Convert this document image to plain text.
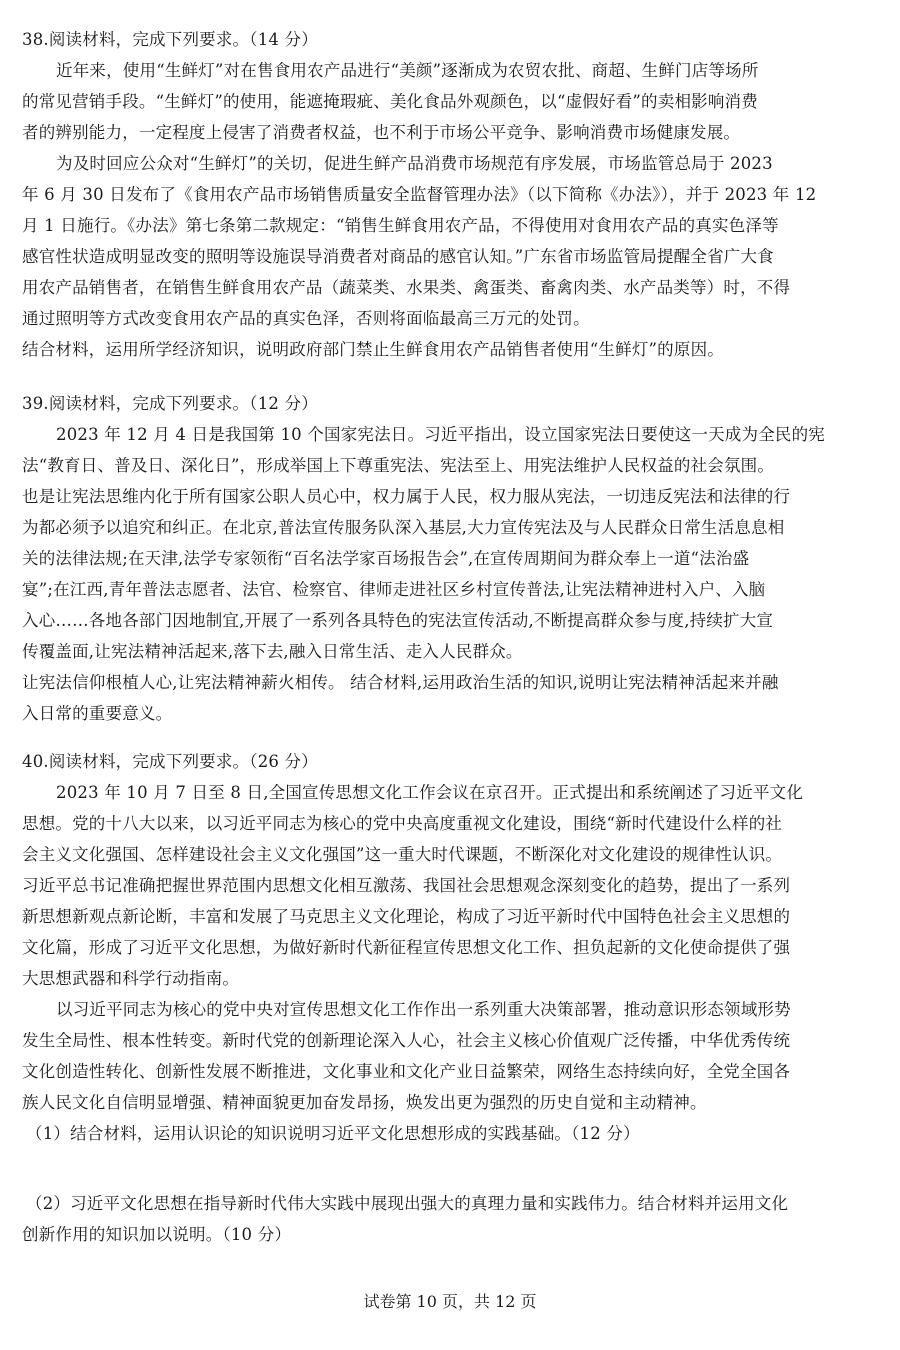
38.阅读材料，完成下列要求。（14 分）
近年来，使用“生鲜灯”对在售食用农产品进行“美颜”逐渐成为农贸农批、商超、生鲜门店等场所
的常见营销手段。“生鲜灯”的使用，能遮掩瑕疵、美化食品外观颜色，以“虚假好看”的卖相影响消费
者的辨别能力，一定程度上侵害了消费者权益，也不利于市场公平竞争、影响消费市场健康发展。
为及时回应公众对“生鲜灯”的关切，促进生鲜产品消费市场规范有序发展，市场监管总局于 2023
年 6 月 30 日发布了《食用农产品市场销售质量安全监督管理办法》（以下简称《办法》），并于 2023 年 12
月 1 日施行。《办法》第七条第二款规定：“销售生鲜食用农产品，不得使用对食用农产品的真实色泽等
感官性状造成明显改变的照明等设施误导消费者对商品的感官认知。”广东省市场监管局提醒全省广大食
用农产品销售者，在销售生鲜食用农产品（蔬菜类、水果类、禽蛋类、畜禽肉类、水产品类等）时，不得
通过照明等方式改变食用农产品的真实色泽，否则将面临最高三万元的处罚。
结合材料，运用所学经济知识，说明政府部门禁止生鲜食用农产品销售者使用“生鲜灯”的原因。
39.阅读材料，完成下列要求。（12 分）
2023 年 12 月 4 日是我国第 10 个国家宪法日。习近平指出，设立国家宪法日要使这一天成为全民的宪
法“教育日、普及日、深化日”，形成举国上下尊重宪法、宪法至上、用宪法维护人民权益的社会氛围。
也是让宪法思维内化于所有国家公职人员心中，权力属于人民，权力服从宪法，一切违反宪法和法律的行
为都必须予以追究和纠正。在北京,普法宣传服务队深入基层,大力宣传宪法及与人民群众日常生活息息相
关的法律法规;在天津,法学专家领衔“百名法学家百场报告会”,在宣传周期间为群众奉上一道“法治盛
宴”;在江西,青年普法志愿者、法官、检察官、律师走进社区乡村宣传普法,让宪法精神进村入户、入脑
入心……各地各部门因地制宜,开展了一系列各具特色的宪法宣传活动,不断提高群众参与度,持续扩大宣
传覆盖面,让宪法精神活起来,落下去,融入日常生活、走入人民群众。
让宪法信仰根植人心,让宪法精神薪火相传。 结合材料,运用政治生活的知识,说明让宪法精神活起来并融
入日常的重要意义。
40.阅读材料，完成下列要求。（26 分）
2023 年 10 月 7 日至 8 日,全国宣传思想文化工作会议在京召开。正式提出和系统阐述了习近平文化
思想。党的十八大以来，以习近平同志为核心的党中央高度重视文化建设，围绕“新时代建设什么样的社
会主义文化强国、怎样建设社会主义文化强国”这一重大时代课题，不断深化对文化建设的规律性认识。
习近平总书记准确把握世界范围内思想文化相互激荡、我国社会思想观念深刻变化的趋势，提出了一系列
新思想新观点新论断，丰富和发展了马克思主义文化理论，构成了习近平新时代中国特色社会主义思想的
文化篇，形成了习近平文化思想，为做好新时代新征程宣传思想文化工作、担负起新的文化使命提供了强
大思想武器和科学行动指南。
以习近平同志为核心的党中央对宣传思想文化工作作出一系列重大决策部署，推动意识形态领域形势
发生全局性、根本性转变。新时代党的创新理论深入人心，社会主义核心价值观广泛传播，中华优秀传统
文化创造性转化、创新性发展不断推进，文化事业和文化产业日益繁荣，网络生态持续向好，全党全国各
族人民文化自信明显增强、精神面貌更加奋发昂扬，焕发出更为强烈的历史自觉和主动精神。
（1）结合材料，运用认识论的知识说明习近平文化思想形成的实践基础。（12 分）
（2）习近平文化思想在指导新时代伟大实践中展现出强大的真理力量和实践伟力。结合材料并运用文化
创新作用的知识加以说明。（10 分）
试卷第 10 页，共 12 页
